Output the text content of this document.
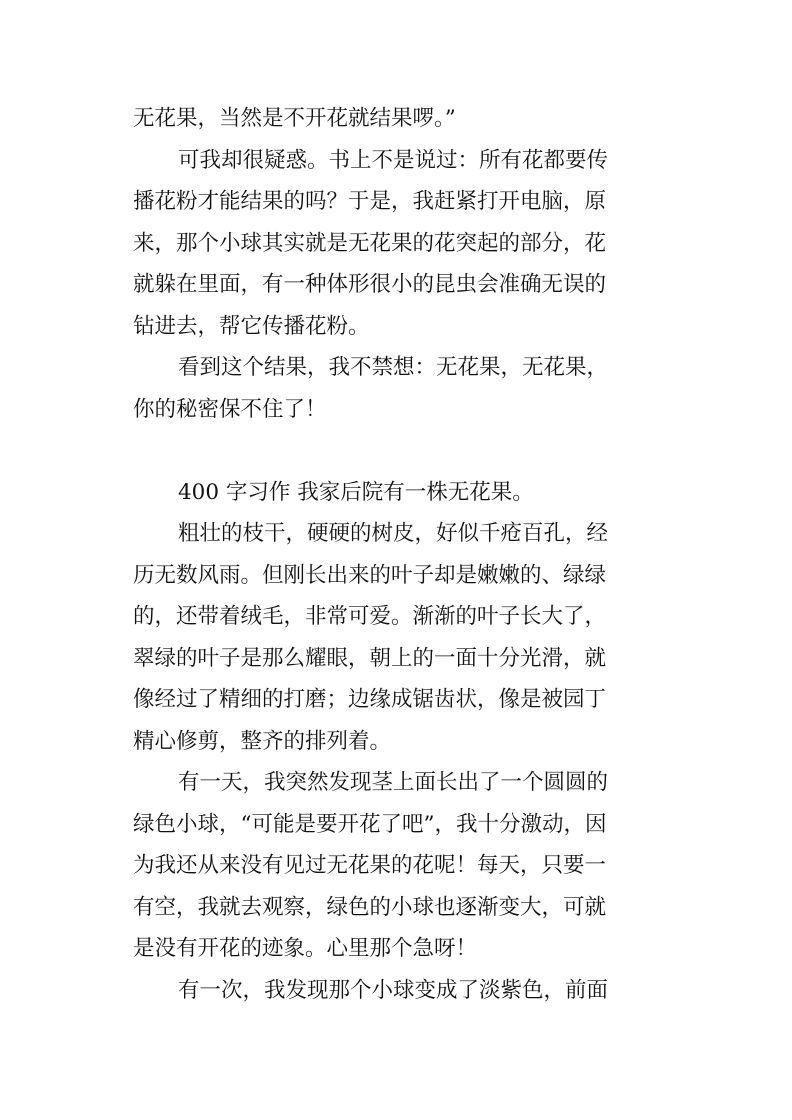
无花果，当然是不开花就结果啰。”
可我却很疑惑。书上不是说过：所有花都要传
播花粉才能结果的吗？于是，我赶紧打开电脑，原
来，那个小球其实就是无花果的花突起的部分，花
就躲在里面，有一种体形很小的昆虫会准确无误的
钻进去，帮它传播花粉。
看到这个结果，我不禁想：无花果，无花果，
你的秘密保不住了！
400 字习作 我家后院有一株无花果。
粗壮的枝干，硬硬的树皮，好似千疮百孔，经
历无数风雨。但刚长出来的叶子却是嫩嫩的、绿绿
的，还带着绒毛，非常可爱。渐渐的叶子长大了，
翠绿的叶子是那么耀眼，朝上的一面十分光滑，就
像经过了精细的打磨；边缘成锯齿状，像是被园丁
精心修剪，整齐的排列着。
有一天，我突然发现茎上面长出了一个圆圆的
绿色小球，“可能是要开花了吧”，我十分激动，因
为我还从来没有见过无花果的花呢！每天，只要一
有空，我就去观察，绿色的小球也逐渐变大，可就
是没有开花的迹象。心里那个急呀！
有一次，我发现那个小球变成了淡紫色，前面
